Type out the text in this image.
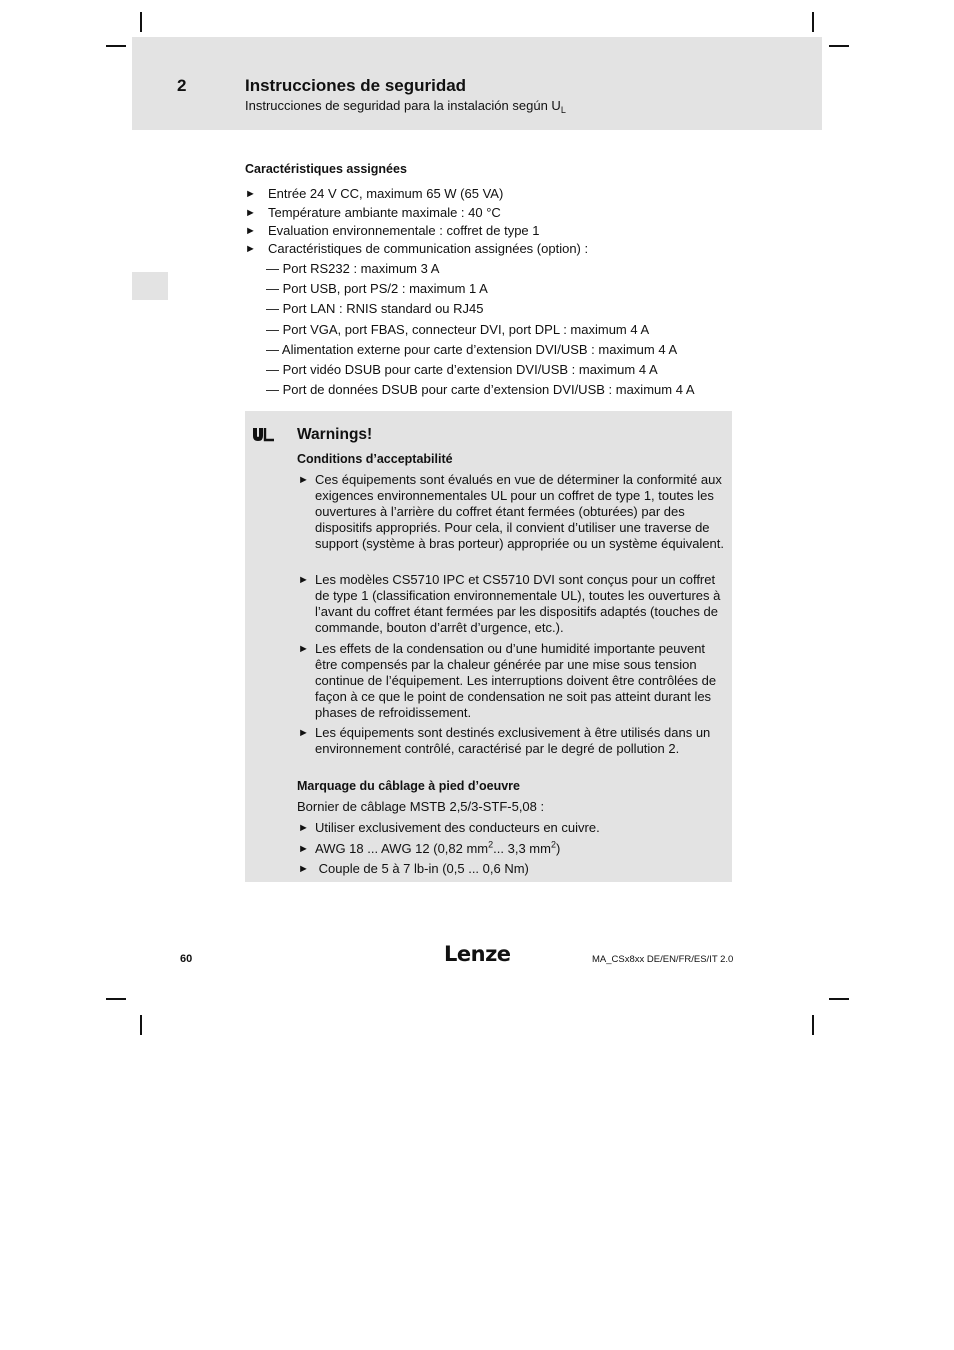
2	Instrucciones de seguridad
Instrucciones de seguridad para la instalación según $U_L$
Caractéristiques assignées
► Entrée 24 V CC, maximum 65 W (65 VA)
► Température ambiante maximale : 40 °C
► Evaluation environnementale : coffret de type 1
► Caractéristiques de communication assignées (option) :
— Port RS232 : maximum 3 A
— Port USB, port PS/2 : maximum 1 A
— Port LAN : RNIS standard ou RJ45
— Port VGA, port FBAS, connecteur DVI, port DPL : maximum 4 A
— Alimentation externe pour carte d’extension DVI/USB : maximum 4 A
— Port vidéo DSUB pour carte d’extension DVI/USB : maximum 4 A
— Port de données DSUB pour carte d’extension DVI/USB : maximum 4 A
Warnings!
Conditions d’acceptabilité
► Ces équipements sont évalués en vue de déterminer la conformité aux exigences environnementales UL pour un coffret de type 1, toutes les ouvertures à l’arrière du coffret étant fermées (obturées) par des dispositifs appropriés. Pour cela, il convient d’utiliser une traverse de support (système à bras porteur) appropriée ou un système équivalent.
► Les modèles CS5710 IPC et CS5710 DVI sont conçus pour un coffret de type 1 (classification environnementale UL), toutes les ouvertures à l’avant du coffret étant fermées par les dispositifs adaptés (touches de commande, bouton d’arrêt d’urgence, etc.).
► Les effets de la condensation ou d’une humidité importante peuvent être compensés par la chaleur générée par une mise sous tension continue de l’équipement. Les interruptions doivent être contrôlées de façon à ce que le point de condensation ne soit pas atteint durant les phases de refroidissement.
► Les équipements sont destinés exclusivement à être utilisés dans un environnement contrôlé, caractérisé par le degré de pollution 2.
Marquage du câblage à pied d’oeuvre
Bornier de câblage MSTB 2,5/3-STF-5,08 :
► Utiliser exclusivement des conducteurs en cuivre.
► AWG 18 ... AWG 12 (0,82 $mm^2$... 3,3 $mm^2$)
► Couple de 5 à 7 lb-in (0,5 ... 0,6 Nm)
60	Lenze	MA_CSx8xx DE/EN/FR/ES/IT 2.0
